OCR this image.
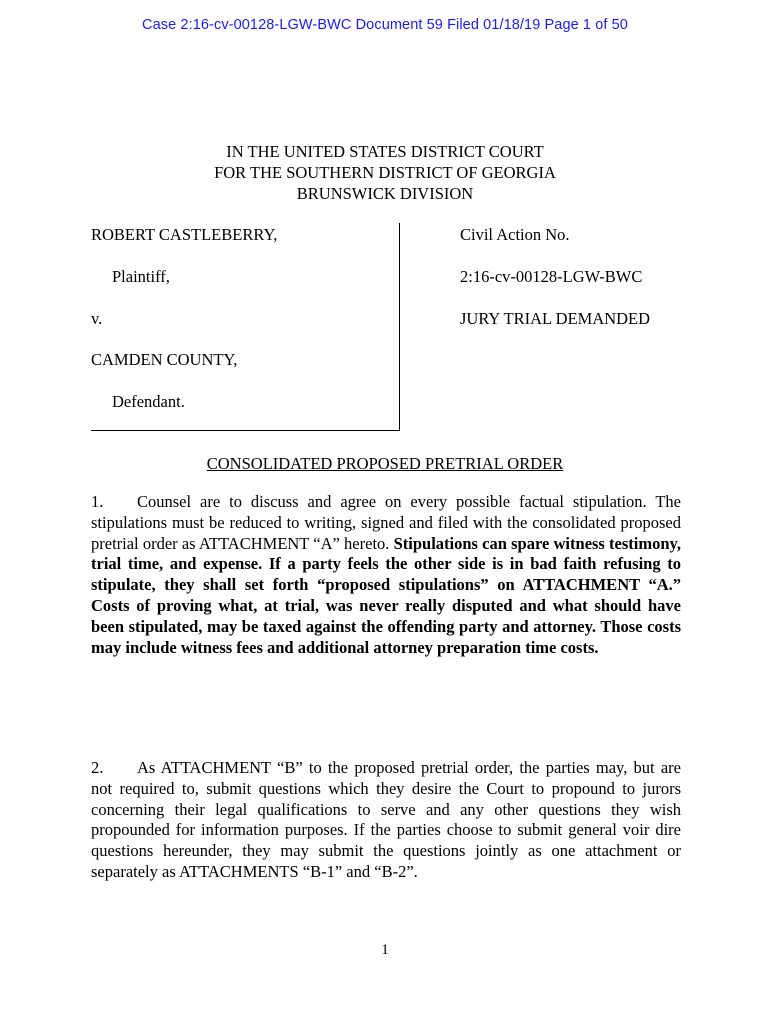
Case 2:16-cv-00128-LGW-BWC Document 59 Filed 01/18/19 Page 1 of 50
IN THE UNITED STATES DISTRICT COURT
FOR THE SOUTHERN DISTRICT OF GEORGIA
BRUNSWICK DIVISION
ROBERT CASTLEBERRY,
Plaintiff,
v.
CAMDEN COUNTY,
Defendant.
Civil Action No.
2:16-cv-00128-LGW-BWC
JURY TRIAL DEMANDED
CONSOLIDATED PROPOSED PRETRIAL ORDER
1. Counsel are to discuss and agree on every possible factual stipulation. The stipulations must be reduced to writing, signed and filed with the consolidated proposed pretrial order as ATTACHMENT “A” hereto. Stipulations can spare witness testimony, trial time, and expense. If a party feels the other side is in bad faith refusing to stipulate, they shall set forth “proposed stipulations” on ATTACHMENT “A.” Costs of proving what, at trial, was never really disputed and what should have been stipulated, may be taxed against the offending party and attorney. Those costs may include witness fees and additional attorney preparation time costs.
2. As ATTACHMENT “B” to the proposed pretrial order, the parties may, but are not required to, submit questions which they desire the Court to propound to jurors concerning their legal qualifications to serve and any other questions they wish propounded for information purposes. If the parties choose to submit general voir dire questions hereunder, they may submit the questions jointly as one attachment or separately as ATTACHMENTS “B-1” and “B-2”.
1
